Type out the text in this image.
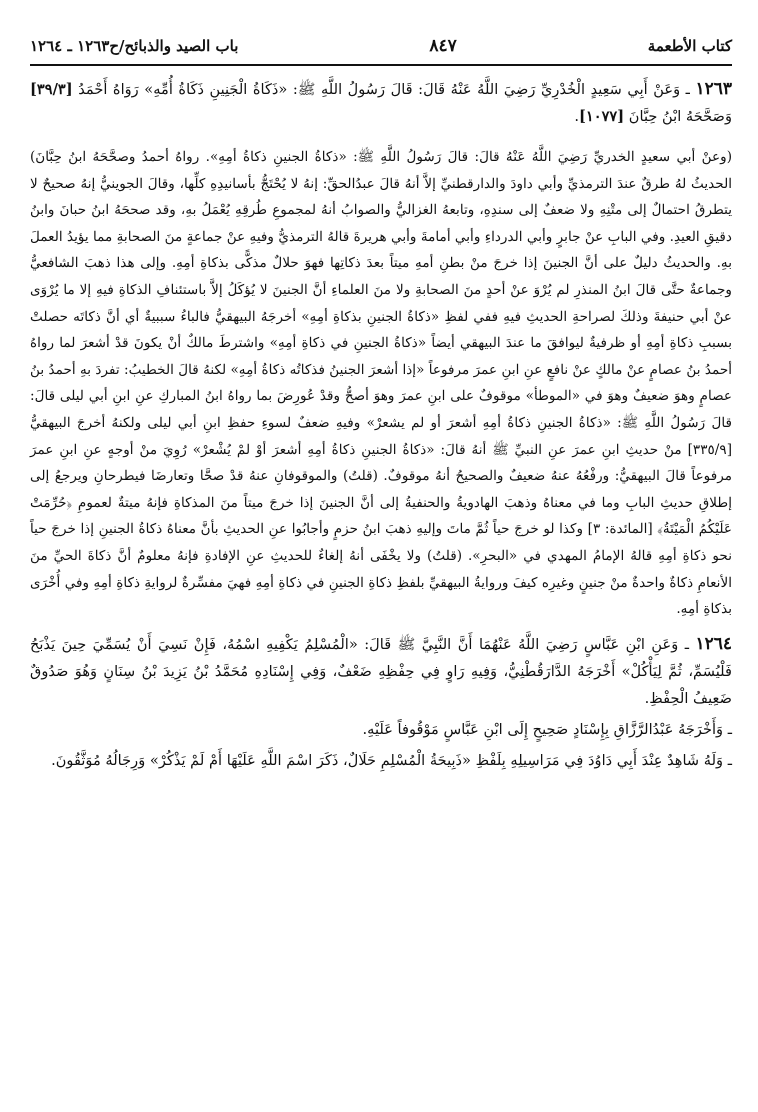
كتاب الأطعمة
٨٤٧
باب الصيد والذبائح/ح١٢٦٣ ـ ١٢٦٤

١٢٦٣ ـ وَعَنْ أَبِي سَعِيدٍ الْخُدْرِيِّ رَضِيَ اللَّهُ عَنْهُ قَالَ: قَالَ رَسُولُ اللَّهِ ﷺ: «ذَكَاةُ الْجَنِينِ ذَكَاةُ أُمِّهِ» رَوَاهُ أَحْمَدُ [٣٩/٣] وَصَحَّحَهُ ابْنُ حِبَّانَ [١٠٧٧].

(وعنْ أبي سعيدٍ الخدريِّ رَضِيَ اللَّهُ عَنْهُ قالَ: قالَ رَسُولُ اللَّهِ ﷺ: «ذكاةُ الجنينِ ذكاةُ أمِهِ». رواهُ أحمدُ وصحَّحَهُ ابنُ حِبَّانَ) الحديثُ لهُ طرقٌ عندَ الترمذيِّ وأبي داودَ والدارقطنيِّ إلاَّ أنهُ قالَ عبدُالحقِّ: إنهُ لا يُحْتَجُّ بأسانيدِهِ كلِّها، وقالَ الجوينيُّ إنهُ صحيحٌ لا يتطرقُ احتمالٌ إلى متْنِهِ ولا ضعفٌ إلى سندِهِ، وتابعهُ الغزاليُّ والصوابُ أنهُ لمجموعِ طُرقِهِ يُعْمَلُ بهِ، وقد صححَهُ ابنُ حبانَ وابنُ دقيقِ العيدِ. وفي البابِ عنْ جابرٍ وأبي الدرداءِ وأبي أمامةَ وأبي هريرةَ قالهُ الترمذيُّ وفيهِ عنْ جماعةٍ منَ الصحابةِ مما يؤيدُ العملَ بهِ. والحديثُ دليلٌ على أنَّ الجنينَ إذا خرجَ منْ بطنِ أمهِ ميتاً بعدَ ذكاتِها فهوَ حلالٌ مذكًّى بذكاةِ أمِهِ. وإلى هذا ذهبَ الشافعيُّ وجماعةٌ حتَّى قالَ ابنُ المنذرِ لم يُرْوَ عنْ أحدٍ منَ الصحابةِ ولا منَ العلماءِ أنَّ الجنينَ لا يُؤكَلُ إلاَّ باستئنافِ الذكاةِ فيهِ إلا ما يُرْوَى عنْ أبي حنيفةَ وذلكَ لصراحةِ الحديثِ فيهِ ففي لفظِ «ذكاةُ الجنينِ بذكاةِ أمِهِ» أخرجَهُ البيهقيُّ فالباءُ سببيةٌ أي أنَّ ذكاتَه حصلتْ بسببِ ذكاةِ أمِهِ أو ظرفيةٌ ليوافقَ ما عندَ البيهقي أيضاً «ذكاةُ الجنينِ في ذكاةِ أمِهِ» واشترطَ مالكٌ أنْ يكونَ قدْ أشعرَ لما رواهُ أحمدُ بنُ عصامٍ عنْ مالكٍ عنْ نافعٍ عنِ ابنِ عمرَ مرفوعاً «إذا أشعرَ الجنينُ فذكاتُه ذكاةُ أمِهِ» لكنهُ قالَ الخطيبُ: تفردَ بهِ أحمدُ بنُ عصامٍ وهوَ ضعيفٌ وهوَ في «الموطأ» موقوفٌ على ابنِ عمرَ وهوَ أصحُّ وقدْ عُورِضَ بما رواهُ ابنُ المباركِ عنِ ابنِ أبي ليلى قالَ: قالَ رَسُولُ اللَّهِ ﷺ: «ذكاةُ الجنينِ ذكاةُ أمِهِ أشعرَ أو لم يشعرْ» وفيهِ ضعفٌ لسوءِ حفظِ ابنِ أبي ليلى ولكنهُ أخرجَ البيهقيُّ [٣٣٥/٩] منْ حديثِ ابنِ عمرَ عنِ النبيِّ ﷺ أنهُ قالَ: «ذكاةُ الجنينِ ذكاةُ أمِهِ أشعرَ أوْ لمْ يُشْعرْ» رُوِيَ منْ أوجهٍ عنِ ابنِ عمرَ مرفوعاً قالَ البيهقيُّ: ورفْعُهُ عنهُ ضعيفٌ والصحيحُ أنهُ موقوفٌ. (قلتُ) والموقوفانِ عنهُ قدْ صحَّا وتعارضَا فيطرحانِ ويرجعُ إلى إطلاقِ حديثِ البابِ وما في معناهُ وذهبَ الهادويةُ والحنفيةُ إلى أنَّ الجنينَ إذا خرجَ ميتاً منَ المذكاةِ فإنهُ ميتةٌ لعمومِ ﴿حُرِّمَتْ عَلَيْكُمُ الْمَيْتَةُ﴾ [المائدة: ٣] وكذا لو خرجَ حياً ثُمَّ ماتَ وإليهِ ذهبَ ابنُ حزمٍ وأجابُوا عنِ الحديثِ بأنَّ معناهُ ذكاةُ الجنينِ إذا خرجَ حياً نحو ذكاةِ أمِهِ قالهُ الإمامُ المهدي في «البحرِ». (قلتُ) ولا يخْفَى أنهُ إلغاءٌ للحديثِ عنِ الإفادةِ فإنهُ معلومٌ أنَّ ذكاةَ الحيِّ منَ الأنعامِ ذكاةٌ واحدةٌ منْ جنينٍ وغيرِه كيفَ وروايةُ البيهقيِّ بلفظِ ذكاةِ الجنينِ في ذكاةِ أمِهِ فهيَ مفسِّرةٌ لروايةِ ذكاةِ أمِهِ وفي أُخْرَى بذكاةِ أمِهِ.

١٢٦٤ ـ وَعَنِ ابْنِ عَبَّاسٍ رَضِيَ اللَّهُ عَنْهُمَا أَنَّ النَّبِيَّ ﷺ قَالَ: «الْمُسْلِمُ يَكْفِيهِ اسْمُهُ، فَإِنْ نَسِيَ أَنْ يُسَمِّيَ حِينَ يَذْبَحُ فَلْيُسَمِّ، ثُمَّ لِيَأْكُلْ» أَخْرَجَهُ الدَّارَقُطْنِيُّ، وَفِيهِ رَاوٍ فِي حِفْظِهِ ضَعْفٌ، وَفِي إِسْنَادِهِ مُحَمَّدُ بْنُ يَزِيدَ بْنُ سِنَانٍ وَهُوَ صَدُوقٌ ضَعِيفُ الْحِفْظِ.

ـ وَأَخْرَجَهُ عَبْدُالرَّزَّاقِ بِإِسْنَادٍ صَحِيحٍ إِلَى ابْنِ عَبَّاسٍ مَوْقُوفاً عَلَيْهِ.

ـ وَلَهُ شَاهِدٌ عِنْدَ أَبِي دَاوُدَ فِي مَرَاسِيلِهِ بِلَفْظِ «ذَبِيحَةُ الْمُسْلِمِ حَلَالٌ، ذَكَرَ اسْمَ اللَّهِ عَلَيْهَا أَمْ لَمْ يَذْكُرْ» وَرِجَالُهُ مُوَثَّقُونَ.
